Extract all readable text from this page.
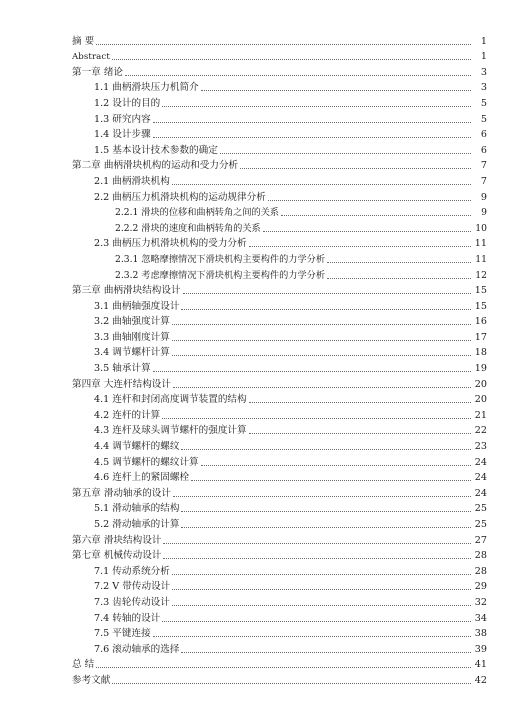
摘 要	1
Abstract	1
第一章 绪论	3
1.1 曲柄滑块压力机简介	3
1.2 设计的目的	5
1.3 研究内容	5
1.4 设计步骤	6
1.5 基本设计技术参数的确定	6
第二章 曲柄滑块机构的运动和受力分析	7
2.1 曲柄滑块机构	7
2.2 曲柄压力机滑块机构的运动规律分析	9
2.2.1 滑块的位移和曲柄转角之间的关系	9
2.2.2 滑块的速度和曲柄转角的关系	10
2.3 曲柄压力机滑块机构的受力分析	11
2.3.1 忽略摩擦情况下滑块机构主要构件的力学分析	11
2.3.2 考虑摩擦情况下滑块机构主要构件的力学分析	12
第三章 曲柄滑块结构设计	15
3.1 曲柄轴强度设计	15
3.2 曲轴强度计算	16
3.3 曲轴刚度计算	17
3.4 调节螺杆计算	18
3.5 轴承计算	19
第四章 大连杆结构设计	20
4.1 连杆和封闭高度调节装置的结构	20
4.2 连杆的计算	21
4.3 连杆及球头调节螺杆的强度计算	22
4.4 调节螺杆的螺纹	23
4.5 调节螺杆的螺纹计算	24
4.6 连杆上的紧固螺栓	24
第五章 滑动轴承的设计	24
5.1 滑动轴承的结构	25
5.2 滑动轴承的计算	25
第六章 滑块结构设计	27
第七章 机械传动设计	28
7.1 传动系统分析	28
7.2 V 带传动设计	29
7.3 齿轮传动设计	32
7.4 转轴的设计	34
7.5 平键连接	38
7.6 滚动轴承的选择	39
总 结	41
参考文献	42
